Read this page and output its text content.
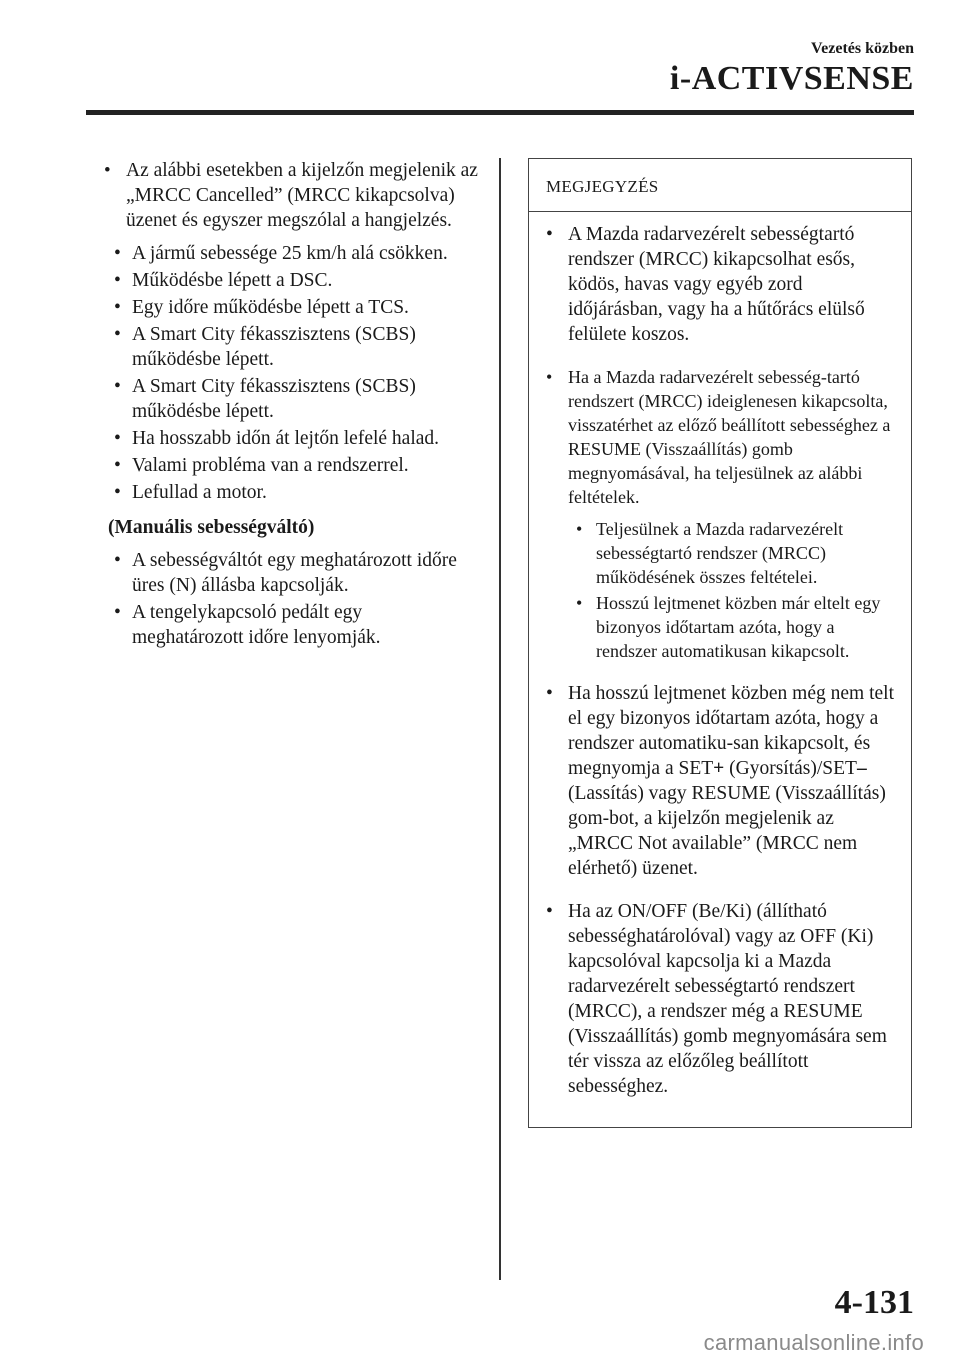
Vezetés közben
i-ACTIVSENSE
• Az alábbi esetekben a kijelzőn megjelenik az „MRCC Cancelled” (MRCC kikapcsolva) üzenet és egyszer megszólal a hangjelzés.
• A jármű sebessége 25 km/h alá csökken.
• Működésbe lépett a DSC.
• Egy időre működésbe lépett a TCS.
• A Smart City fékasszisztens (SCBS) működésbe lépett.
• A Smart City fékasszisztens (SCBS) működésbe lépett.
• Ha hosszabb időn át lejtőn lefelé halad.
• Valami probléma van a rendszerrel.
• Lefullad a motor.
(Manuális sebességváltó)
• A sebességváltót egy meghatározott időre üres (N) állásba kapcsolják.
• A tengelykapcsoló pedált egy meghatározott időre lenyomják.
MEGJEGYZÉS
• A Mazda radarvezérelt sebességtartó rendszer (MRCC) kikapcsolhat esős, ködös, havas vagy egyéb zord időjárásban, vagy ha a hűtőrács elülső felülete koszos.
• Ha a Mazda radarvezérelt sebesség-tartó rendszert (MRCC) ideiglenesen kikapcsolta, visszatérhet az előző beállított sebességhez a RESUME (Visszaállítás) gomb megnyomásával, ha teljesülnek az alábbi feltételek.
• Teljesülnek a Mazda radarvezérelt sebességtartó rendszer (MRCC) működésének összes feltételei.
• Hosszú lejtmenet közben már eltelt egy bizonyos időtartam azóta, hogy a rendszer automatikusan kikapcsolt.
• Ha hosszú lejtmenet közben még nem telt el egy bizonyos időtartam azóta, hogy a rendszer automatiku-san kikapcsolt, és megnyomja a SET+ (Gyorsítás)/SET– (Lassítás) vagy RESUME (Visszaállítás) gom-bot, a kijelzőn megjelenik az „MRCC Not available” (MRCC nem elérhető) üzenet.
• Ha az ON/OFF (Be/Ki) (állítható sebességhatárolóval) vagy az OFF (Ki) kapcsolóval kapcsolja ki a Mazda radarvezérelt sebességtartó rendszert (MRCC), a rendszer még a RESUME (Visszaállítás) gomb megnyomására sem tér vissza az előzőleg beállított sebességhez.
4-131
carmanualsonline.info
